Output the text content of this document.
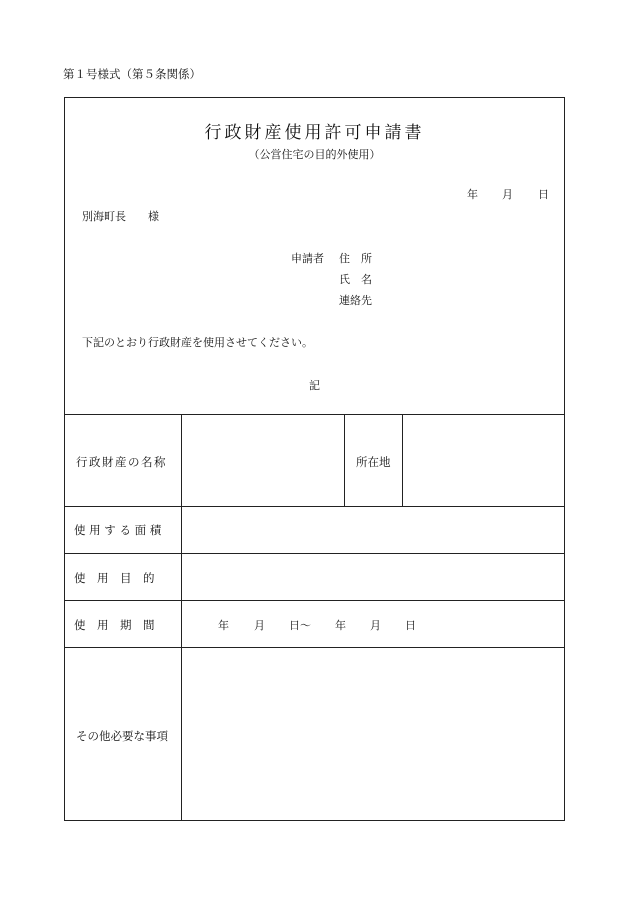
第１号様式（第５条関係）
行政財産使用許可申請書
（公営住宅の目的外使用）
年 月 日
別海町長　　様
申請者 住　所
氏　名
連絡先
下記のとおり行政財産を使用させてください。
記
行政財産の名称	所在地
使 用 す る 面 積
使　用　目　的
使　用　期　間	年 月 日～ 年 月 日
その他必要な事項
